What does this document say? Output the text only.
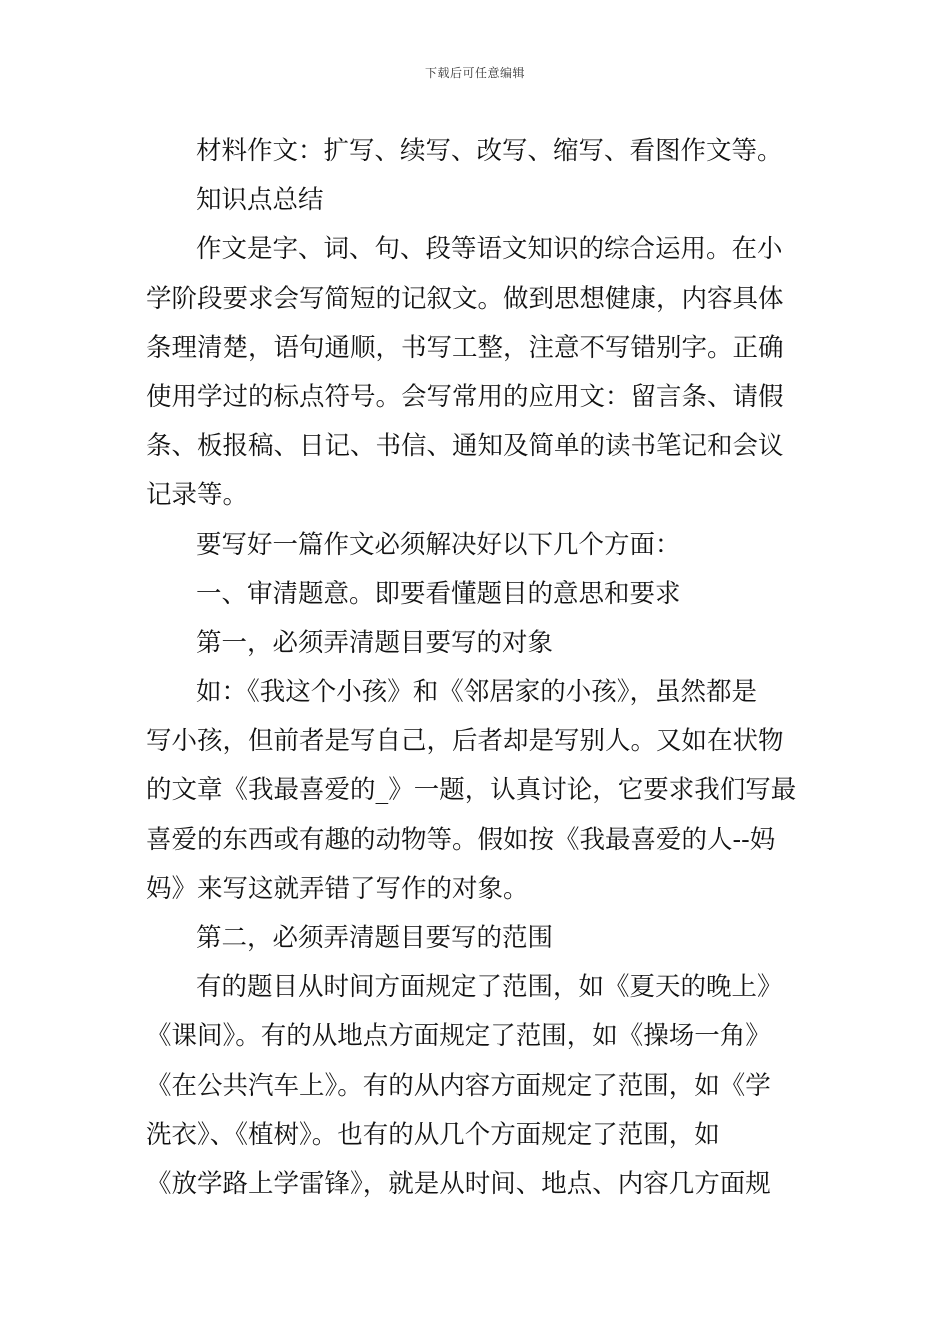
下载后可任意编辑
材料作文：扩写、续写、改写、缩写、看图作文等。
知识点总结
作文是字、词、句、段等语文知识的综合运用。在小
学阶段要求会写简短的记叙文。做到思想健康，内容具体
条理清楚，语句通顺，书写工整，注意不写错别字。正确
使用学过的标点符号。会写常用的应用文：留言条、请假
条、板报稿、日记、书信、通知及简单的读书笔记和会议
记录等。
要写好一篇作文必须解决好以下几个方面：
一、审清题意。即要看懂题目的意思和要求
第一，必须弄清题目要写的对象
如：《我这个小孩》和《邻居家的小孩》，虽然都是
写小孩，但前者是写自己，后者却是写别人。又如在状物
的文章《我最喜爱的_》一题，认真讨论，它要求我们写最
喜爱的东西或有趣的动物等。假如按《我最喜爱的人--妈
妈》来写这就弄错了写作的对象。
第二，必须弄清题目要写的范围
有的题目从时间方面规定了范围，如《夏天的晚上》
《课间》。有的从地点方面规定了范围，如《操场一角》
《在公共汽车上》。有的从内容方面规定了范围，如《学
洗衣》、《植树》。也有的从几个方面规定了范围，如
《放学路上学雷锋》，就是从时间、地点、内容几方面规
